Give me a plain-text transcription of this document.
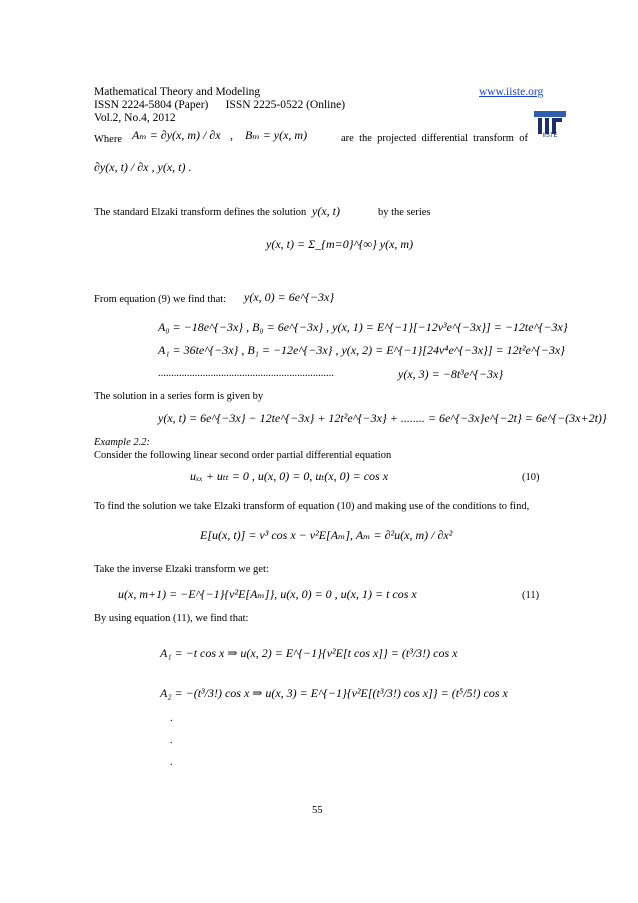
Mathematical Theory and Modeling	www.iiste.org
ISSN 2224-5804 (Paper)      ISSN 2225-0522 (Online)
Vol.2, No.4, 2012
IISTE
Where Aₘ = ∂y(x, m) / ∂x ,    Bₘ = y(x, m)	are  the  projected  differential  transform  of
∂y(x, t) / ∂x , y(x, t) .
The standard Elzaki transform defines the solution y(x, t)	by the series
y(x, t) = Σ_{m=0}^{∞} y(x, m)
From equation (9) we find that: y(x, 0) = 6e^{−3x}
A₀ = −18e^{−3x} , B₀ = 6e^{−3x} , y(x, 1) = E^{−1}[−12v³e^{−3x}] = −12te^{−3x}
A₁ = 36te^{−3x} , B₁ = −12e^{−3x} , y(x, 2) = E^{−1}[24v⁴e^{−3x}] = 12t²e^{−3x}
...................................................................	y(x, 3) = −8t³e^{−3x}
The solution in a series form is given by
y(x, t) = 6e^{−3x} − 12te^{−3x} + 12t²e^{−3x} + ........ = 6e^{−3x}e^{−2t} = 6e^{−(3x+2t)}
Example 2.2:
Consider the following linear second order partial differential equation
uₓₓ + uₜₜ = 0 , u(x, 0) = 0, uₜ(x, 0) = cos x	(10)
To find the solution we take Elzaki transform of equation (10) and making use of the conditions to find,
E[u(x, t)] = v³ cos x − v²E[Aₘ], Aₘ = ∂²u(x, m) / ∂x²
Take the inverse Elzaki transform we get:
u(x, m+1) = −E^{−1}{v²E[Aₘ]}, u(x, 0) = 0 , u(x, 1) = t cos x	(11)
By using equation (11), we find that:
A₁ = −t cos x ⇒ u(x, 2) = E^{−1}{v²E[t cos x]} = (t³/3!) cos x
A₂ = −(t³/3!) cos x ⇒ u(x, 3) = E^{−1}{v²E[(t³/3!) cos x]} = (t⁵/5!) cos x
.
.
.
55
